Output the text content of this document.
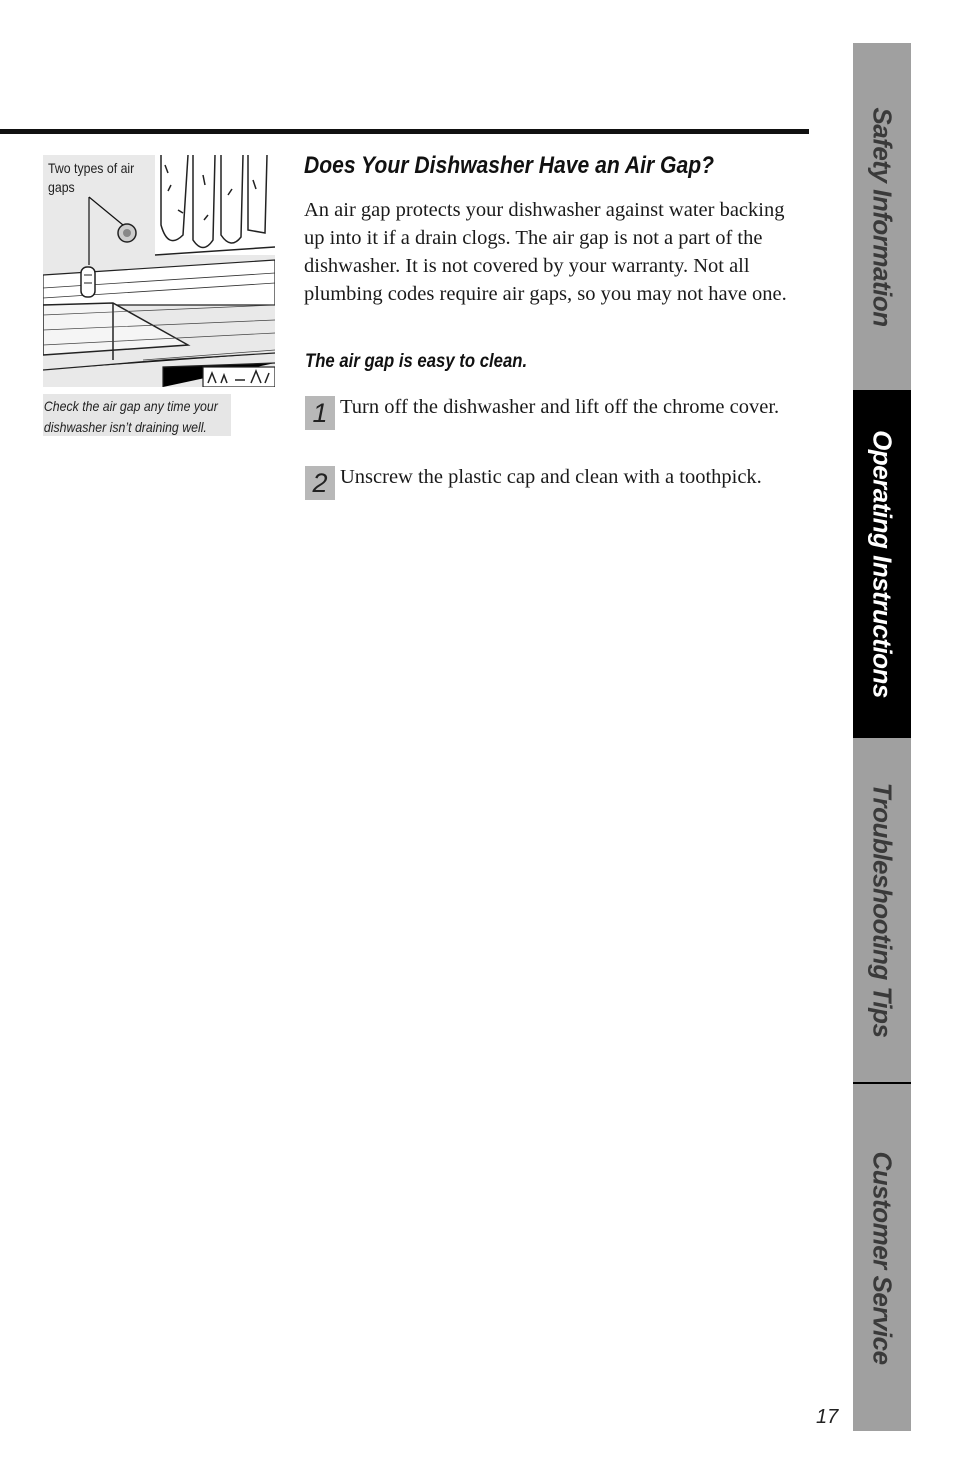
Two types of air gaps
Check the air gap any time your dishwasher isn’t draining well.
Does Your Dishwasher Have an Air Gap?

An air gap protects your dishwasher against water backing up into it if a drain clogs. The air gap is not a part of the dishwasher. It is not covered by your warranty. Not all plumbing codes require air gaps, so you may not have one.

The air gap is easy to clean.
1 Turn off the dishwasher and lift off the chrome cover.
2 Unscrew the plastic cap and clean with a toothpick.
Safety Information
Operating Instructions
Troubleshooting Tips
Customer Service
17
